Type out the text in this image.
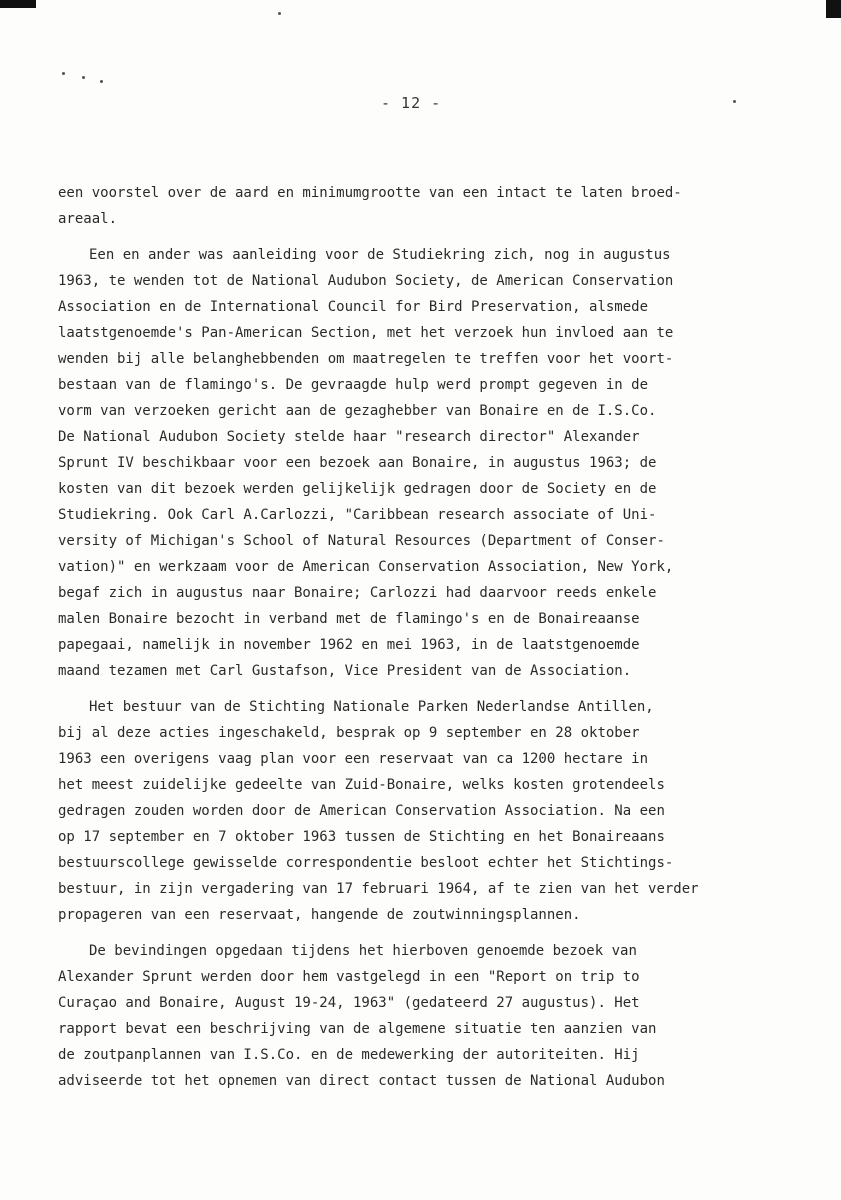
- 12 -
een voorstel over de aard en minimumgrootte van een intact te laten broed-
areaal.
Een en ander was aanleiding voor de Studiekring zich, nog in augustus
1963, te wenden tot de National Audubon Society, de American Conservation
Association en de International Council for Bird Preservation, alsmede
laatstgenoemde's Pan-American Section, met het verzoek hun invloed aan te
wenden bij alle belanghebbenden om maatregelen te treffen voor het voort-
bestaan van de flamingo's. De gevraagde hulp werd prompt gegeven in de
vorm van verzoeken gericht aan de gezaghebber van Bonaire en de I.S.Co.
De National Audubon Society stelde haar "research director" Alexander
Sprunt IV beschikbaar voor een bezoek aan Bonaire, in augustus 1963; de
kosten van dit bezoek werden gelijkelijk gedragen door de Society en de
Studiekring. Ook Carl A.Carlozzi, "Caribbean research associate of Uni-
versity of Michigan's School of Natural Resources (Department of Conser-
vation)" en werkzaam voor de American Conservation Association, New York,
begaf zich in augustus naar Bonaire; Carlozzi had daarvoor reeds enkele
malen Bonaire bezocht in verband met de flamingo's en de Bonaireaanse
papegaai, namelijk in november 1962 en mei 1963, in de laatstgenoemde
maand tezamen met Carl Gustafson, Vice President van de Association.
Het bestuur van de Stichting Nationale Parken Nederlandse Antillen,
bij al deze acties ingeschakeld, besprak op 9 september en 28 oktober
1963 een overigens vaag plan voor een reservaat van ca 1200 hectare in
het meest zuidelijke gedeelte van Zuid-Bonaire, welks kosten grotendeels
gedragen zouden worden door de American Conservation Association. Na een
op 17 september en 7 oktober 1963 tussen de Stichting en het Bonaireaans
bestuurscollege gewisselde correspondentie besloot echter het Stichtings-
bestuur, in zijn vergadering van 17 februari 1964, af te zien van het verder
propageren van een reservaat, hangende de zoutwinningsplannen.
De bevindingen opgedaan tijdens het hierboven genoemde bezoek van
Alexander Sprunt werden door hem vastgelegd in een "Report on trip to
Curaçao and Bonaire, August 19-24, 1963" (gedateerd 27 augustus). Het
rapport bevat een beschrijving van de algemene situatie ten aanzien van
de zoutpanplannen van I.S.Co. en de medewerking der autoriteiten. Hij
adviseerde tot het opnemen van direct contact tussen de National Audubon
